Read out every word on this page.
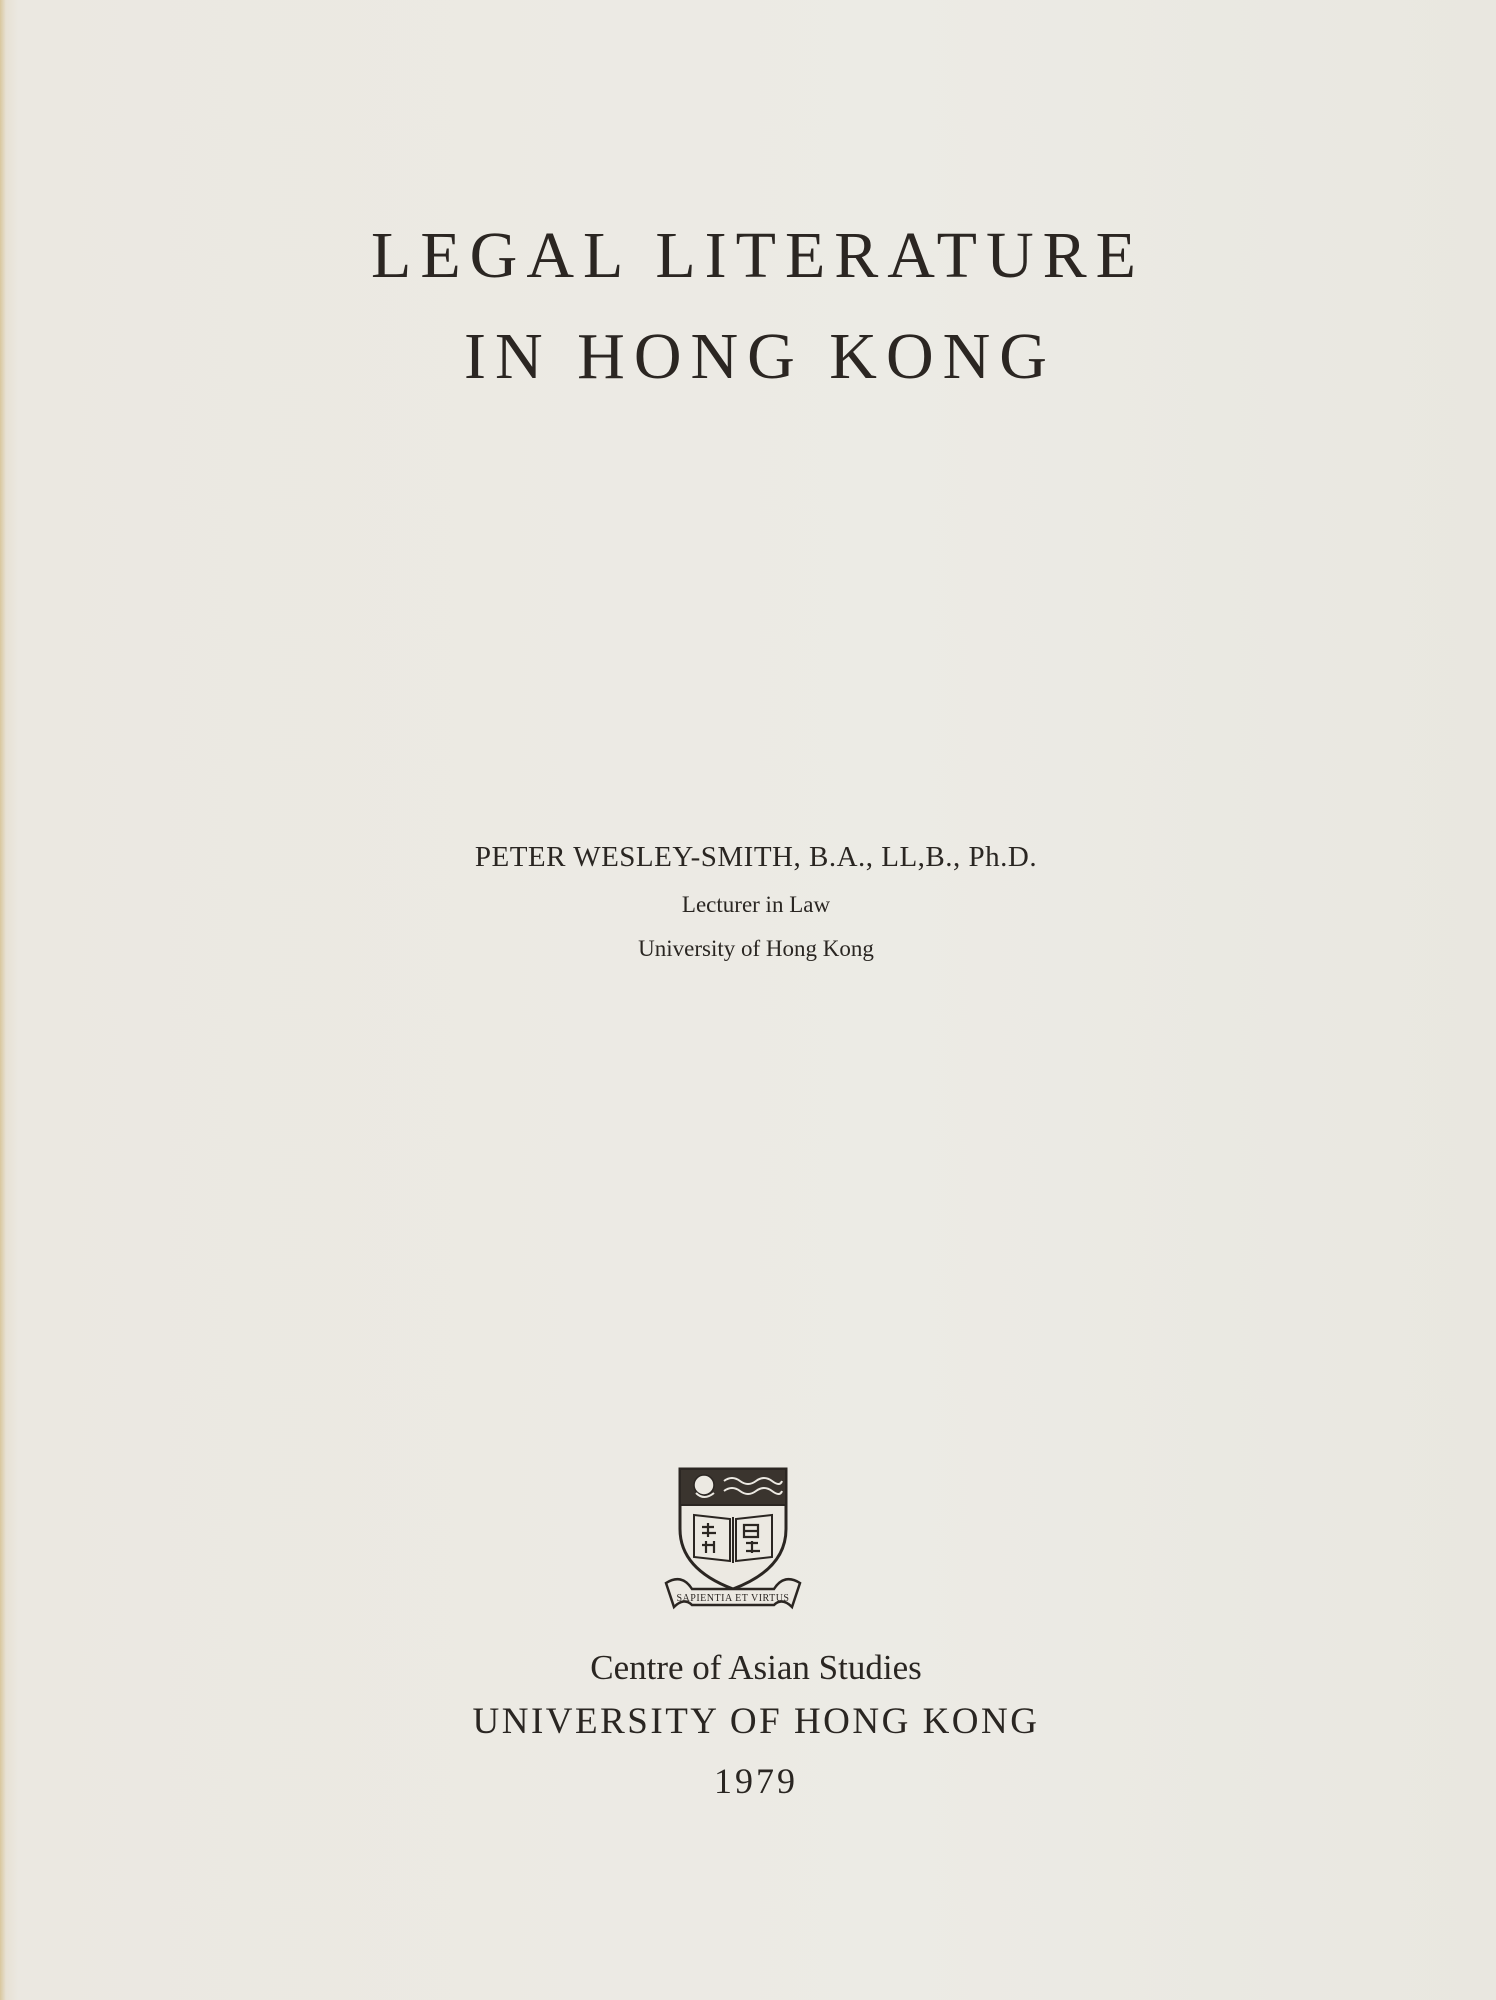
LEGAL LITERATURE
IN HONG KONG
PETER WESLEY-SMITH, B.A., LL,B., Ph.D.
Lecturer in Law
University of Hong Kong
SAPIENTIA ET VIRTUS
Centre of Asian Studies
UNIVERSITY OF HONG KONG
1979
